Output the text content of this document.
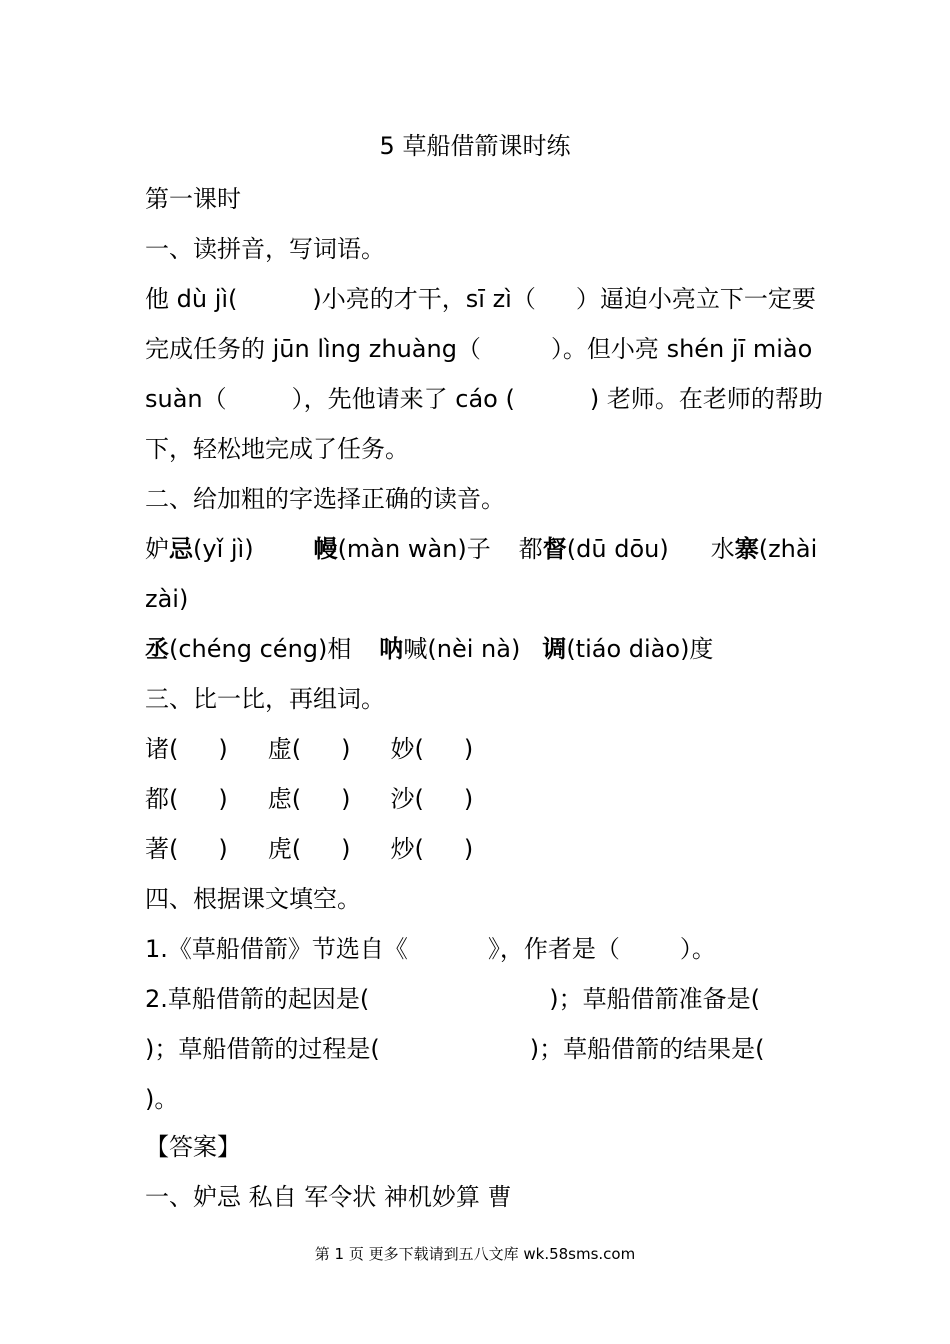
5 草船借箭课时练
第一课时
一、读拼音，写词语。
他 dù jì(	)小亮的才干，sī zì（ ）逼迫小亮立下一定要
完成任务的 jūn lìng zhuàng（	）。但小亮 shén jī miào
suàn（	），先他请来了 cáo (	) 老师。在老师的帮助
下，轻松地完成了任务。
二、给加粗的字选择正确的读音。
妒忌(yǐ jì)	幔(màn wàn)子 都督(dū dōu) 水寨(zhài
zài)
丞(chéng céng)相 呐喊(nèi nà) 调(tiáo diào)度
三、比一比，再组词。
诸( ) 虚( ) 妙( )
都( ) 虑( ) 沙( )
著( ) 虎( ) 炒( )
四、根据课文填空。
1.《草船借箭》节选自《	》，作者是（	）。
2.草船借箭的起因是(	)；草船借箭准备是(
)；草船借箭的过程是(	)；草船借箭的结果是(
)。
【答案】
一、妒忌 私自 军令状 神机妙算 曹
第 1 页 更多下载请到五八文库 wk.58sms.com
